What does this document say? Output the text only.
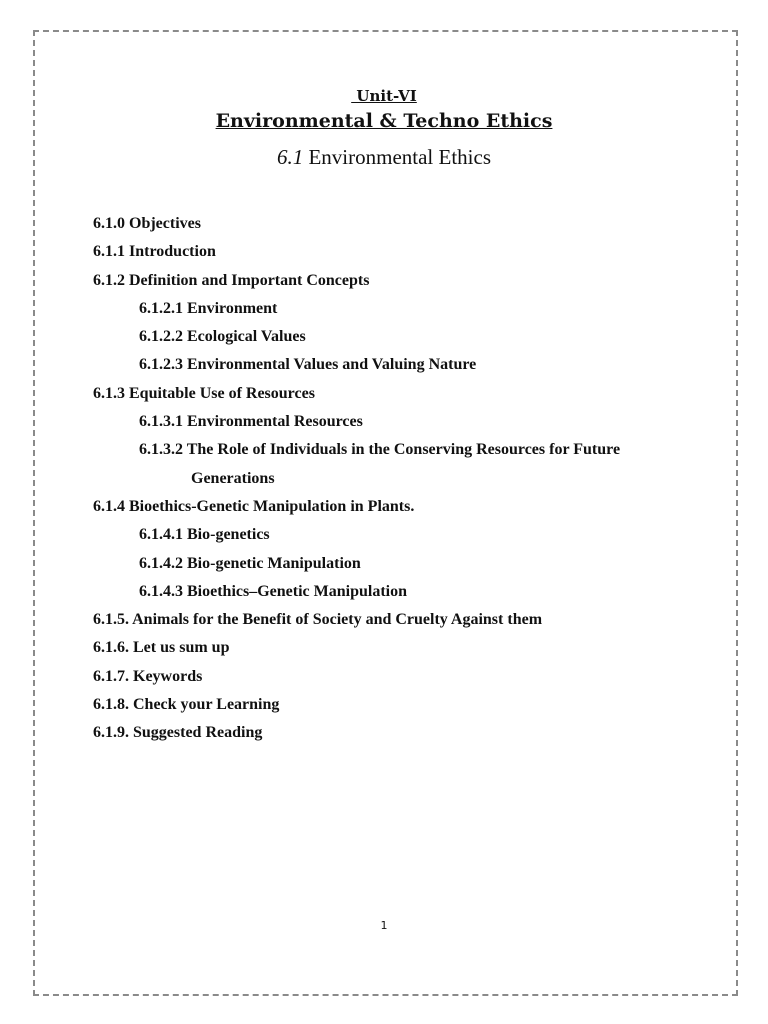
Unit-VI
Environmental & Techno Ethics
6.1 Environmental Ethics
6.1.0 Objectives
6.1.1 Introduction
6.1.2 Definition and Important Concepts
6.1.2.1 Environment
6.1.2.2 Ecological Values
6.1.2.3 Environmental Values and Valuing Nature
6.1.3 Equitable Use of Resources
6.1.3.1 Environmental Resources
6.1.3.2 The Role of Individuals in the Conserving Resources for Future
Generations
6.1.4 Bioethics-Genetic Manipulation in Plants.
6.1.4.1 Bio-genetics
6.1.4.2 Bio-genetic Manipulation
6.1.4.3 Bioethics–Genetic Manipulation
6.1.5. Animals for the Benefit of Society and Cruelty Against them
6.1.6. Let us sum up
6.1.7. Keywords
6.1.8. Check your Learning
6.1.9. Suggested Reading
1
